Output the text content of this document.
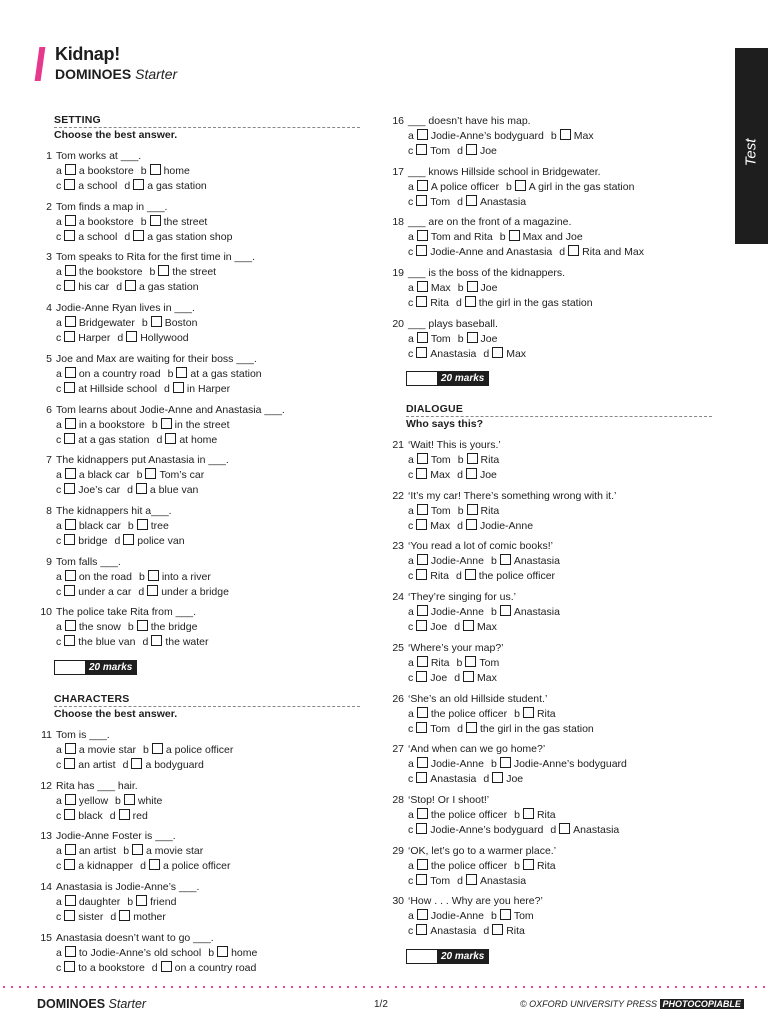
Kidnap!
DOMINOES Starter
Test
SETTING
Choose the best answer.
1 Tom works at ___.
a a bookstore b home
c a school d a gas station
2 Tom finds a map in ___.
a a bookstore b the street
c a school d a gas station shop
3 Tom speaks to Rita for the first time in ___.
a the bookstore b the street
c his car d a gas station
4 Jodie-Anne Ryan lives in ___.
a Bridgewater b Boston
c Harper d Hollywood
5 Joe and Max are waiting for their boss ___.
a on a country road b at a gas station
c at Hillside school d in Harper
6 Tom learns about Jodie-Anne and Anastasia ___.
a in a bookstore b in the street
c at a gas station d at home
7 The kidnappers put Anastasia in ___.
a a black car b Tom’s car
c Joe’s car d a blue van
8 The kidnappers hit a___.
a black car b tree
c bridge d police van
9 Tom falls ___.
a on the road b into a river
c under a car d under a bridge
10 The police take Rita from ___.
a the snow b the bridge
c the blue van d the water
20 marks
CHARACTERS
Choose the best answer.
11 Tom is ___.
a a movie star b a police officer
c an artist d a bodyguard
12 Rita has ___ hair.
a yellow b white
c black d red
13 Jodie-Anne Foster is ___.
a an artist b a movie star
c a kidnapper d a police officer
14 Anastasia is Jodie-Anne’s ___.
a daughter b friend
c sister d mother
15 Anastasia doesn’t want to go ___.
a to Jodie-Anne’s old school b home
c to a bookstore d on a country road
16 ___ doesn’t have his map.
a Jodie-Anne’s bodyguard b Max
c Tom d Joe
17 ___ knows Hillside school in Bridgewater.
a A police officer b A girl in the gas station
c Tom d Anastasia
18 ___ are on the front of a magazine.
a Tom and Rita b Max and Joe
c Jodie-Anne and Anastasia d Rita and Max
19 ___ is the boss of the kidnappers.
a Max b Joe
c Rita d the girl in the gas station
20 ___ plays baseball.
a Tom b Joe
c Anastasia d Max
20 marks
DIALOGUE
Who says this?
21 ‘Wait! This is yours.’
a Tom b Rita
c Max d Joe
22 ‘It’s my car! There’s something wrong with it.’
a Tom b Rita
c Max d Jodie-Anne
23 ‘You read a lot of comic books!’
a Jodie-Anne b Anastasia
c Rita d the police officer
24 ‘They’re singing for us.’
a Jodie-Anne b Anastasia
c Joe d Max
25 ‘Where’s your map?’
a Rita b Tom
c Joe d Max
26 ‘She’s an old Hillside student.’
a the police officer b Rita
c Tom d the girl in the gas station
27 ‘And when can we go home?’
a Jodie-Anne b Jodie-Anne’s bodyguard
c Anastasia d Joe
28 ‘Stop! Or I shoot!’
a the police officer b Rita
c Jodie-Anne’s bodyguard d Anastasia
29 ‘OK, let’s go to a warmer place.’
a the police officer b Rita
c Tom d Anastasia
30 ‘How . . . Why are you here?’
a Jodie-Anne b Tom
c Anastasia d Rita
20 marks
DOMINOES Starter	1/2	© OXFORD UNIVERSITY PRESS PHOTOCOPIABLE
